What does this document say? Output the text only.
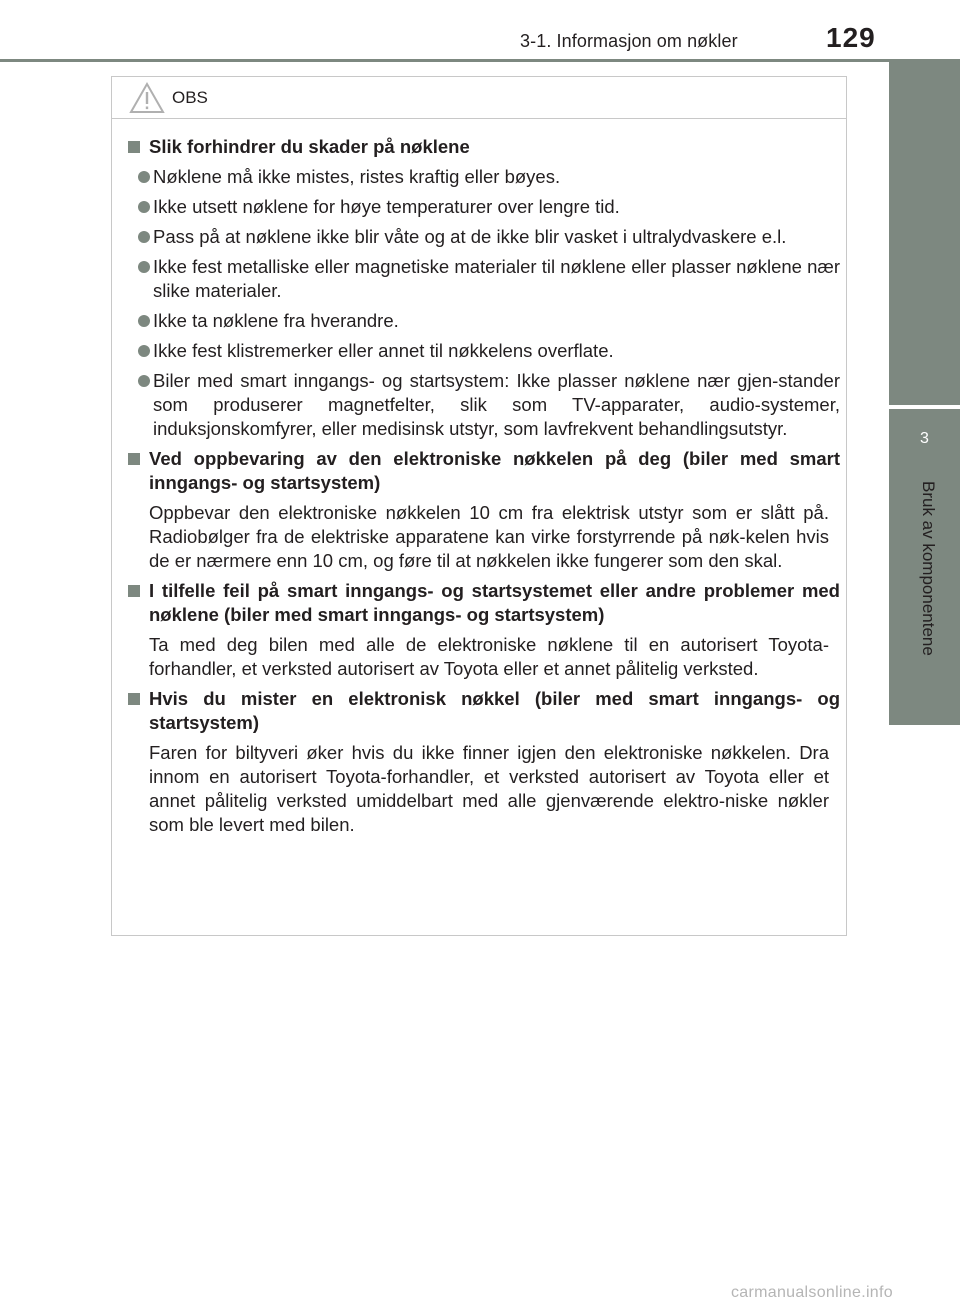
3-1. Informasjon om nøkler	129
3
Bruk av komponentene
OBS
Slik forhindrer du skader på nøklene
Nøklene må ikke mistes, ristes kraftig eller bøyes.
Ikke utsett nøklene for høye temperaturer over lengre tid.
Pass på at nøklene ikke blir våte og at de ikke blir vasket i ultralydvaskere e.l.
Ikke fest metalliske eller magnetiske materialer til nøklene eller plasser nøklene nær slike materialer.
Ikke ta nøklene fra hverandre.
Ikke fest klistremerker eller annet til nøkkelens overflate.
Biler med smart inngangs- og startsystem: Ikke plasser nøklene nær gjen-stander som produserer magnetfelter, slik som TV-apparater, audio-systemer, induksjonskomfyrer, eller medisinsk utstyr, som lavfrekvent behandlingsutstyr.
Ved oppbevaring av den elektroniske nøkkelen på deg (biler med smart inngangs- og startsystem)
Oppbevar den elektroniske nøkkelen 10 cm fra elektrisk utstyr som er slått på. Radiobølger fra de elektriske apparatene kan virke forstyrrende på nøk-kelen hvis de er nærmere enn 10 cm, og føre til at nøkkelen ikke fungerer som den skal.
I tilfelle feil på smart inngangs- og startsystemet eller andre problemer med nøklene (biler med smart inngangs- og startsystem)
Ta med deg bilen med alle de elektroniske nøklene til en autorisert Toyota-forhandler, et verksted autorisert av Toyota eller et annet pålitelig verksted.
Hvis du mister en elektronisk nøkkel (biler med smart inngangs- og startsystem)
Faren for biltyveri øker hvis du ikke finner igjen den elektroniske nøkkelen. Dra innom en autorisert Toyota-forhandler, et verksted autorisert av Toyota eller et annet pålitelig verksted umiddelbart med alle gjenværende elektro-niske nøkler som ble levert med bilen.
carmanualsonline.info
